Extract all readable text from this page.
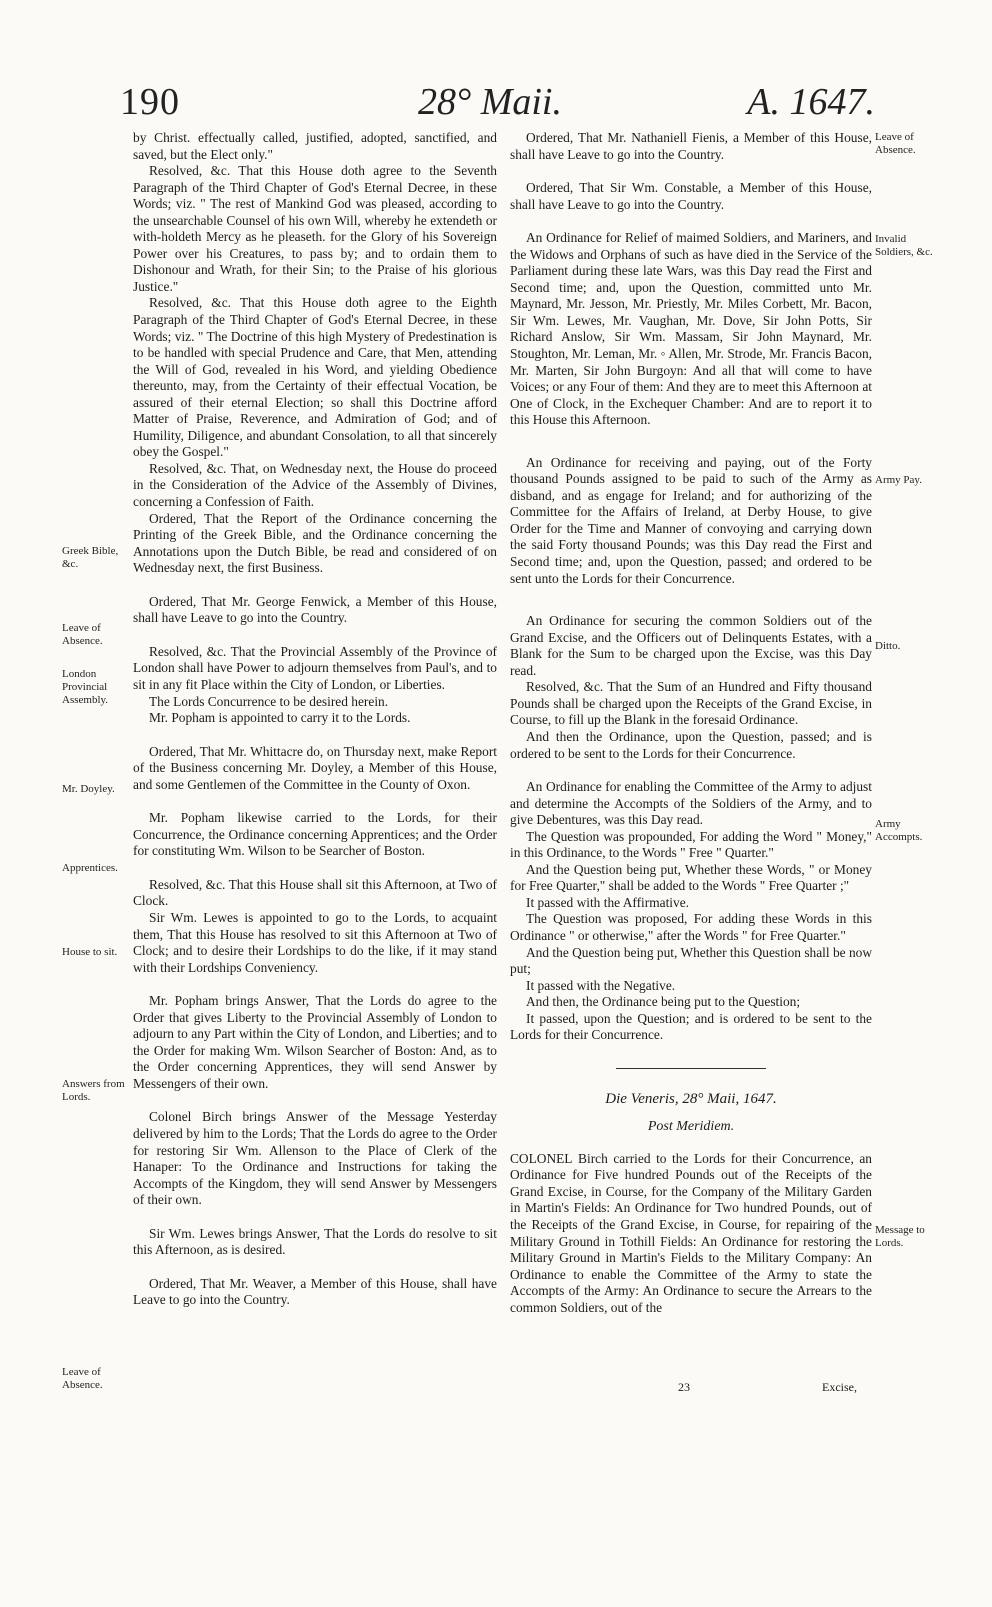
190	28° Maii.	A. 1647.

by Christ. effectually called, justified, adopted, sanctified, and saved, but the Elect only."

Resolved, &c. That this House doth agree to the Seventh Paragraph of the Third Chapter of God's Eternal Decree, in these Words; viz. " The rest of Mankind God was pleased, according to the unsearchable Counsel of his own Will, whereby he extendeth or with-holdeth Mercy as he pleaseth. for the Glory of his Sovereign Power over his Creatures, to pass by; and to ordain them to Dishonour and Wrath, for their Sin; to the Praise of his glorious Justice."

Resolved, &c. That this House doth agree to the Eighth Paragraph of the Third Chapter of God's Eternal Decree, in these Words; viz. " The Doctrine of this high Mystery of Predestination is to be handled with special Prudence and Care, that Men, attending the Will of God, revealed in his Word, and yielding Obedience thereunto, may, from the Certainty of their effectual Vocation, be assured of their eternal Election; so shall this Doctrine afford Matter of Praise, Reverence, and Admiration of God; and of Humility, Diligence, and abundant Consolation, to all that sincerely obey the Gospel."

Resolved, &c. That, on Wednesday next, the House do proceed in the Consideration of the Advice of the Assembly of Divines, concerning a Confession of Faith.

Ordered, That the Report of the Ordinance concerning the Printing of the Greek Bible, and the Ordinance concerning the Annotations upon the Dutch Bible, be read and considered of on Wednesday next, the first Business.

Ordered, That Mr. George Fenwick, a Member of this House, shall have Leave to go into the Country.

Resolved, &c. That the Provincial Assembly of the Province of London shall have Power to adjourn themselves from Paul's, and to sit in any fit Place within the City of London, or Liberties.

The Lords Concurrence to be desired herein.

Mr. Popham is appointed to carry it to the Lords.

Ordered, That Mr. Whittacre do, on Thursday next, make Report of the Business concerning Mr. Doyley, a Member of this House, and some Gentlemen of the Committee in the County of Oxon.

Mr. Popham likewise carried to the Lords, for their Concurrence, the Ordinance concerning Apprentices; and the Order for constituting Wm. Wilson to be Searcher of Boston.

Resolved, &c. That this House shall sit this Afternoon, at Two of Clock.

Sir Wm. Lewes is appointed to go to the Lords, to acquaint them, That this House has resolved to sit this Afternoon at Two of Clock; and to desire their Lordships to do the like, if it may stand with their Lordships Conveniency.

Mr. Popham brings Answer, That the Lords do agree to the Order that gives Liberty to the Provincial Assembly of London to adjourn to any Part within the City of London, and Liberties; and to the Order for making Wm. Wilson Searcher of Boston: And, as to the Order concerning Apprentices, they will send Answer by Messengers of their own.

Colonel Birch brings Answer of the Message Yesterday delivered by him to the Lords; That the Lords do agree to the Order for restoring Sir Wm. Allenson to the Place of Clerk of the Hanaper: To the Ordinance and Instructions for taking the Accompts of the Kingdom, they will send Answer by Messengers of their own.

Sir Wm. Lewes brings Answer, That the Lords do resolve to sit this Afternoon, as is desired.

Ordered, That Mr. Weaver, a Member of this House, shall have Leave to go into the Country.

Ordered, That Mr. Nathaniell Fienis, a Member of this House, shall have Leave to go into the Country.

Ordered, That Sir Wm. Constable, a Member of this House, shall have Leave to go into the Country.

An Ordinance for Relief of maimed Soldiers, and Mariners, and the Widows and Orphans of such as have died in the Service of the Parliament during these late Wars, was this Day read the First and Second time; and, upon the Question, committed unto Mr. Maynard, Mr. Jesson, Mr. Priestly, Mr. Miles Corbett, Mr. Bacon, Sir Wm. Lewes, Mr. Vaughan, Mr. Dove, Sir John Potts, Sir Richard Anslow, Sir Wm. Massam, Sir John Maynard, Mr. Stoughton, Mr. Leman, Mr. ◦ Allen, Mr. Strode, Mr. Francis Bacon, Mr. Marten, Sir John Burgoyn: And all that will come to have Voices; or any Four of them: And they are to meet this Afternoon at One of Clock, in the Exchequer Chamber: And are to report it to this House this Afternoon.

An Ordinance for receiving and paying, out of the Forty thousand Pounds assigned to be paid to such of the Army as disband, and as engage for Ireland; and for authorizing of the Committee for the Affairs of Ireland, at Derby House, to give Order for the Time and Manner of convoying and carrying down the said Forty thousand Pounds; was this Day read the First and Second time; and, upon the Question, passed; and ordered to be sent unto the Lords for their Concurrence.

An Ordinance for securing the common Soldiers out of the Grand Excise, and the Officers out of Delinquents Estates, with a Blank for the Sum to be charged upon the Excise, was this Day read.

Resolved, &c. That the Sum of an Hundred and Fifty thousand Pounds shall be charged upon the Receipts of the Grand Excise, in Course, to fill up the Blank in the foresaid Ordinance.

And then the Ordinance, upon the Question, passed; and is ordered to be sent to the Lords for their Concurrence.

An Ordinance for enabling the Committee of the Army to adjust and determine the Accompts of the Soldiers of the Army, and to give Debentures, was this Day read.

The Question was propounded, For adding the Word " Money," in this Ordinance, to the Words " Free " Quarter."

And the Question being put, Whether these Words, " or Money for Free Quarter," shall be added to the Words " Free Quarter ;"

It passed with the Affirmative.

The Question was proposed, For adding these Words in this Ordinance " or otherwise," after the Words " for Free Quarter."

And the Question being put, Whether this Question shall be now put;

It passed with the Negative.

And then, the Ordinance being put to the Question;

It passed, upon the Question; and is ordered to be sent to the Lords for their Concurrence.

Die Veneris, 28° Maii, 1647.

Post Meridiem.

COLONEL Birch carried to the Lords for their Concurrence, an Ordinance for Five hundred Pounds out of the Receipts of the Grand Excise, in Course, for the Company of the Military Garden in Martin's Fields: An Ordinance for Two hundred Pounds, out of the Receipts of the Grand Excise, in Course, for repairing of the Military Ground in Tothill Fields: An Ordinance for restoring the Military Ground in Martin's Fields to the Military Company: An Ordinance to enable the Committee of the Army to state the Accompts of the Army: An Ordinance to secure the Arrears to the common Soldiers, out of the

Greek Bible, &c.
Leave of Absence.
London Provincial Assembly.
Mr. Doyley.
Apprentices.
House to sit.
Answers from Lords.
Leave of Absence.
Leave of Absence.
Invalid Soldiers, &c.
Army Pay.
Ditto.
Army Accompts.
Message to Lords.
23	Excise,
